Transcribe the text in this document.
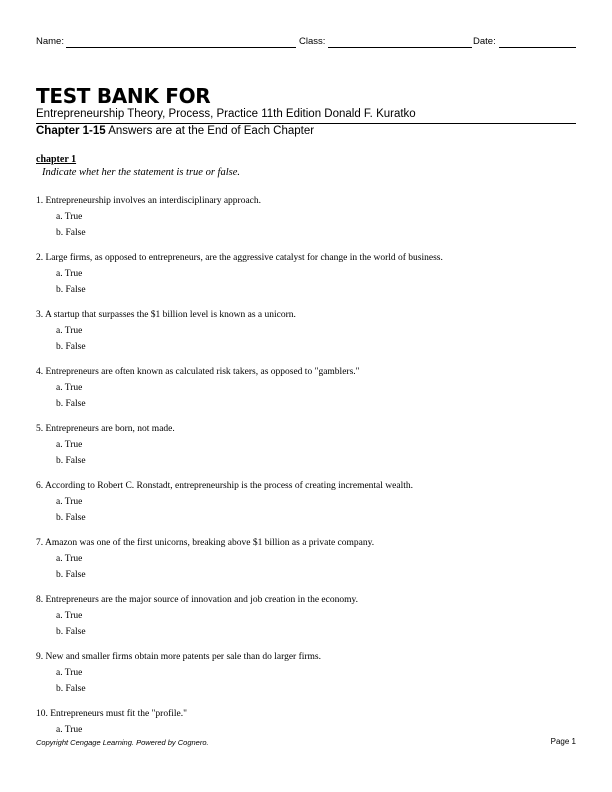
Name:	Class:	Date:
TEST BANK FOR
Entrepreneurship Theory, Process, Practice 11th Edition Donald F. Kuratko
Chapter 1-15 Answers are at the End of Each Chapter
chapter 1
Indicate whet her the statement is true or false.
1. Entrepreneurship involves an interdisciplinary approach.
a. True
b. False
2. Large firms, as opposed to entrepreneurs, are the aggressive catalyst for change in the world of business.
a. True
b. False
3. A startup that surpasses the $1 billion level is known as a unicorn.
a. True
b. False
4. Entrepreneurs are often known as calculated risk takers, as opposed to "gamblers."
a. True
b. False
5. Entrepreneurs are born, not made.
a. True
b. False
6. According to Robert C. Ronstadt, entrepreneurship is the process of creating incremental wealth.
a. True
b. False
7. Amazon was one of the first unicorns, breaking above $1 billion as a private company.
a. True
b. False
8. Entrepreneurs are the major source of innovation and job creation in the economy.
a. True
b. False
9. New and smaller firms obtain more patents per sale than do larger firms.
a. True
b. False
10. Entrepreneurs must fit the "profile."
a. True
Copyright Cengage Learning. Powered by Cognero.	Page 1
